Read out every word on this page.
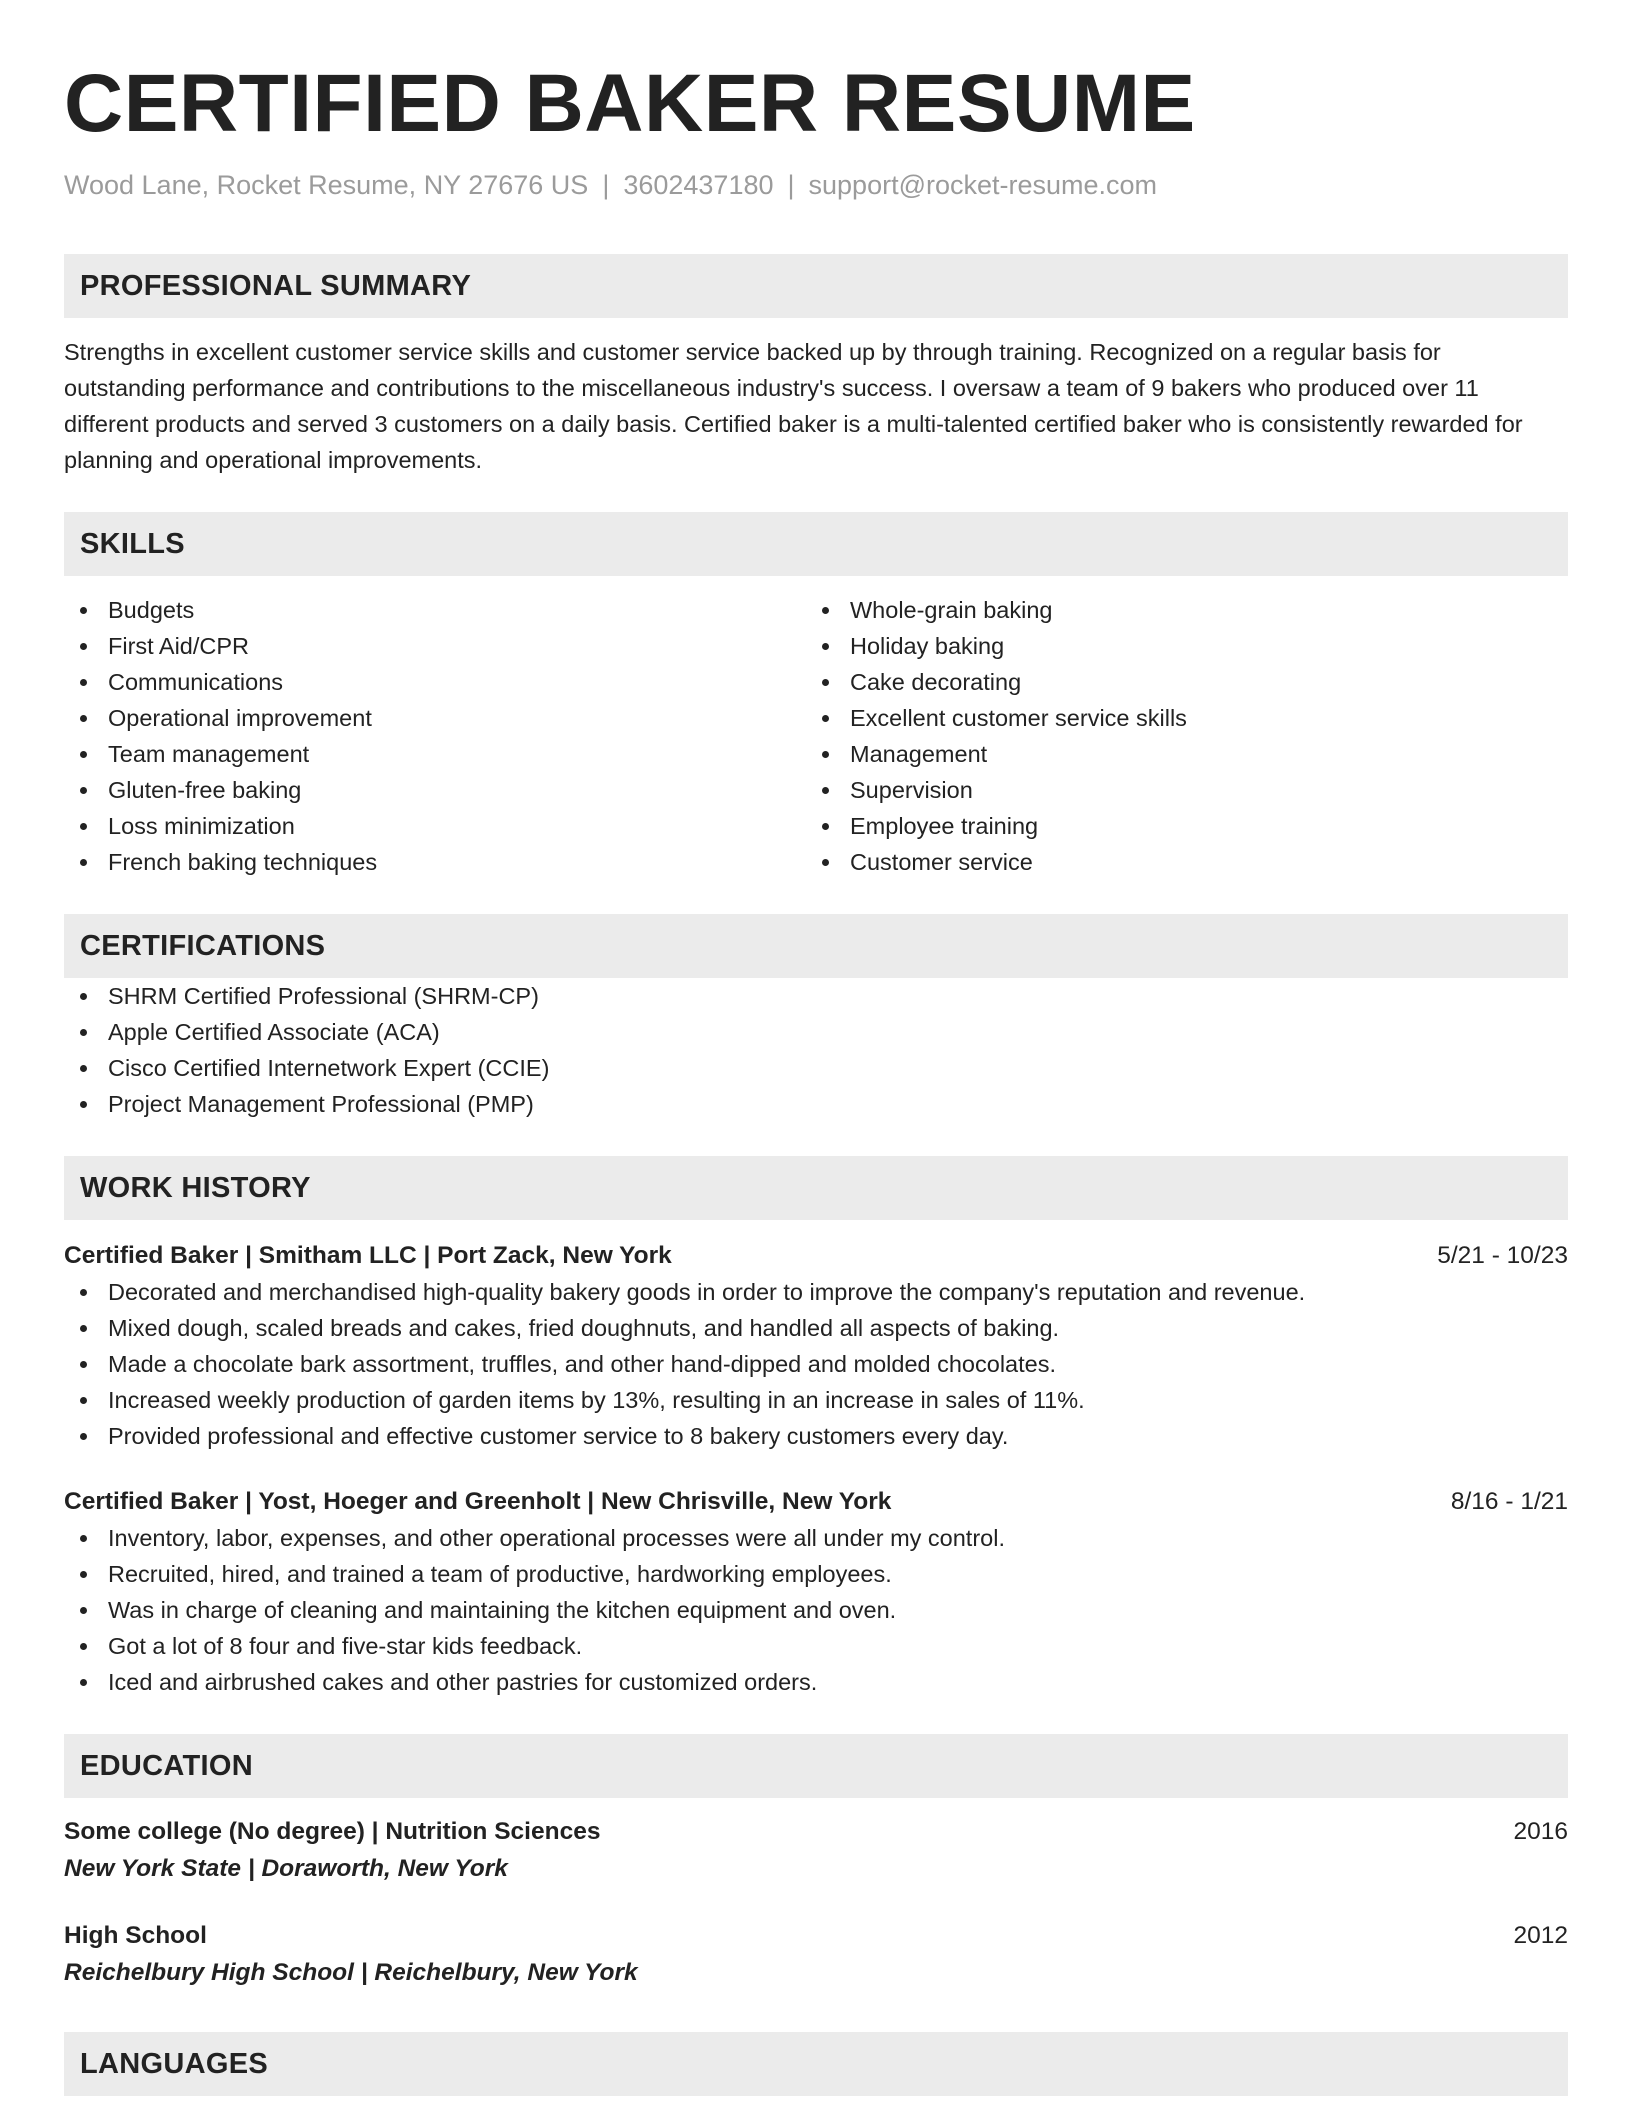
CERTIFIED BAKER RESUME
Wood Lane, Rocket Resume, NY 27676 US | 3602437180 | support@rocket-resume.com
PROFESSIONAL SUMMARY

Strengths in excellent customer service skills and customer service backed up by through training. Recognized on a regular basis for outstanding performance and contributions to the miscellaneous industry's success. I oversaw a team of 9 bakers who produced over 11 different products and served 3 customers on a daily basis. Certified baker is a multi-talented certified baker who is consistently rewarded for planning and operational improvements.

SKILLS
Budgets
First Aid/CPR
Communications
Operational improvement
Team management
Gluten-free baking
Loss minimization
French baking techniques
Whole-grain baking
Holiday baking
Cake decorating
Excellent customer service skills
Management
Supervision
Employee training
Customer service
CERTIFICATIONS
SHRM Certified Professional (SHRM-CP)
Apple Certified Associate (ACA)
Cisco Certified Internetwork Expert (CCIE)
Project Management Professional (PMP)
WORK HISTORY
Certified Baker | Smitham LLC | Port Zack, New York	5/21 - 10/23
Decorated and merchandised high-quality bakery goods in order to improve the company's reputation and revenue.
Mixed dough, scaled breads and cakes, fried doughnuts, and handled all aspects of baking.
Made a chocolate bark assortment, truffles, and other hand-dipped and molded chocolates.
Increased weekly production of garden items by 13%, resulting in an increase in sales of 11%.
Provided professional and effective customer service to 8 bakery customers every day.
Certified Baker | Yost, Hoeger and Greenholt | New Chrisville, New York	8/16 - 1/21
Inventory, labor, expenses, and other operational processes were all under my control.
Recruited, hired, and trained a team of productive, hardworking employees.
Was in charge of cleaning and maintaining the kitchen equipment and oven.
Got a lot of 8 four and five-star kids feedback.
Iced and airbrushed cakes and other pastries for customized orders.
EDUCATION
Some college (No degree) | Nutrition Sciences	2016
New York State | Doraworth, New York
High School	2012
Reichelbury High School | Reichelbury, New York
LANGUAGES
